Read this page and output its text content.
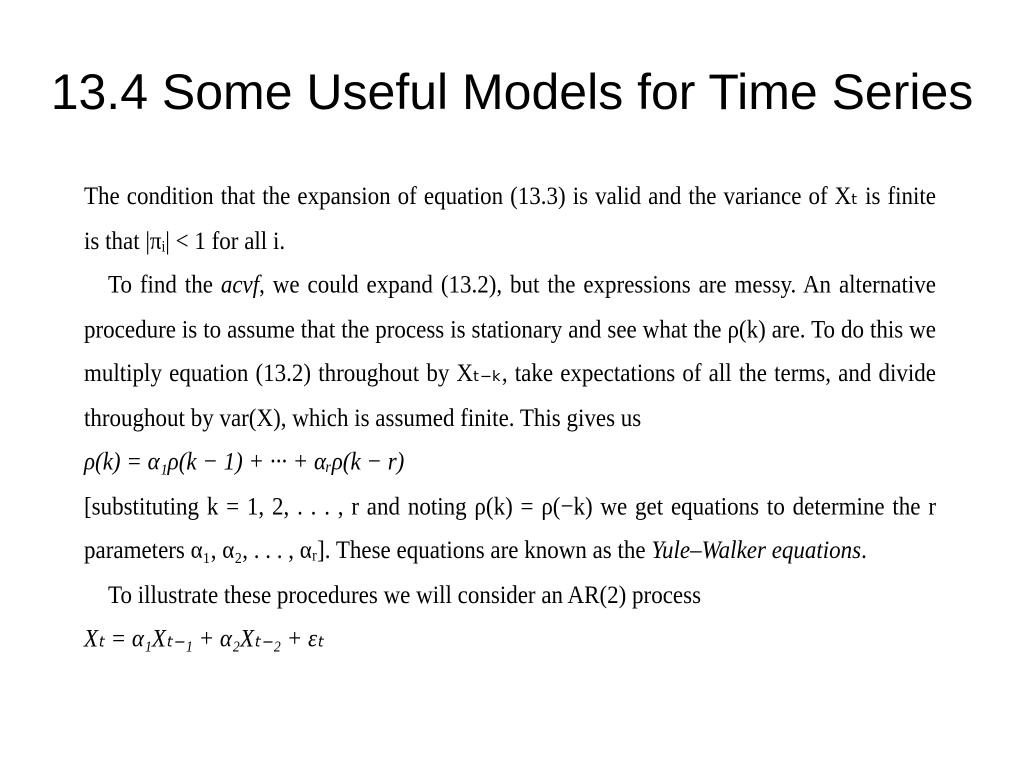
13.4 Some Useful Models for Time Series

The condition that the expansion of equation (13.3) is valid and the variance of Xₜ is finite is that |πᵢ| < 1 for all i.

To find the acvf, we could expand (13.2), but the expressions are messy. An alternative procedure is to assume that the process is stationary and see what the ρ(k) are. To do this we multiply equation (13.2) throughout by Xₜ₋ₖ, take expectations of all the terms, and divide throughout by var(X), which is assumed finite. This gives us

ρ(k) = α₁ρ(k − 1) + ··· + αᵣρ(k − r)

[substituting k = 1, 2, . . . , r and noting ρ(k) = ρ(−k) we get equations to determine the r parameters α₁, α₂, . . . , αᵣ]. These equations are known as the Yule–Walker equations.

To illustrate these procedures we will consider an AR(2) process

Xₜ = α₁Xₜ₋₁ + α₂Xₜ₋₂ + εₜ
